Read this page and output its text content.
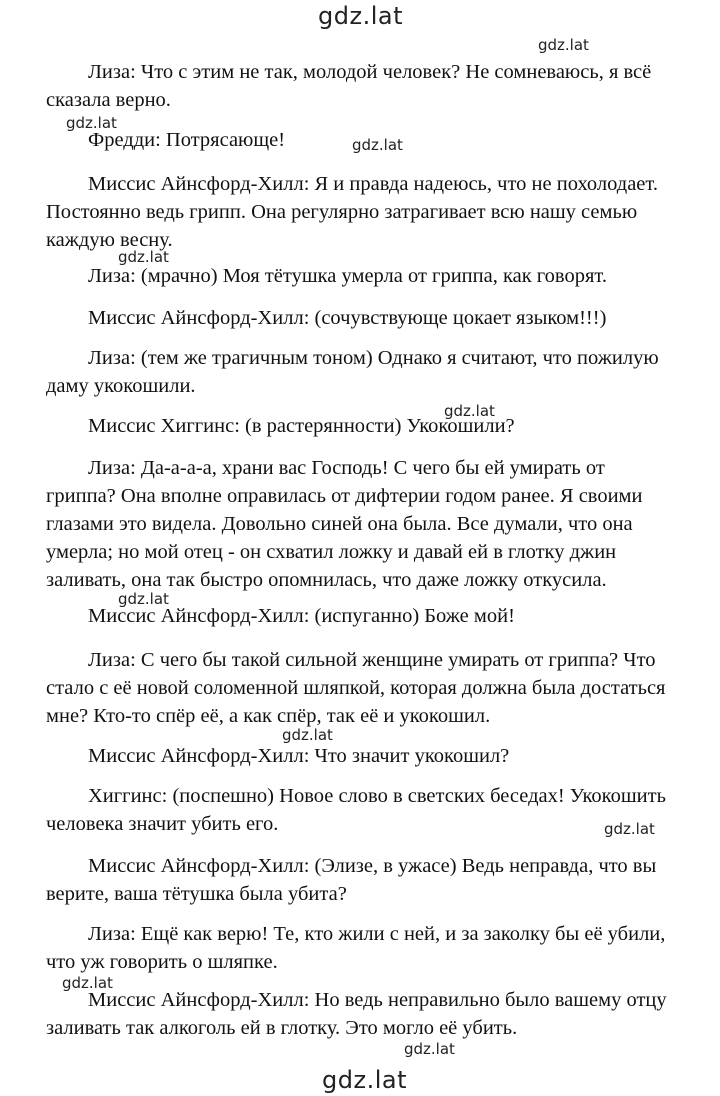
gdz.lat
gdz.lat
gdz.lat
gdz.lat
gdz.lat
gdz.lat
gdz.lat
gdz.lat
gdz.lat
gdz.lat
gdz.lat
gdz.lat

Лиза: Что с этим не так, молодой человек? Не сомневаюсь, я всё сказала верно.

Фредди: Потрясающе!

Миссис Айнсфорд-Хилл: Я и правда надеюсь, что не похолодает. Постоянно ведь грипп. Она регулярно затрагивает всю нашу семью каждую весну.

Лиза: (мрачно) Моя тётушка умерла от гриппа, как говорят.

Миссис Айнсфорд-Хилл: (сочувствующе цокает языком!!!)

Лиза: (тем же трагичным тоном) Однако я считают, что пожилую даму укокошили.

Миссис Хиггинс: (в растерянности) Укокошили?

Лиза: Да-а-а-а, храни вас Господь! С чего бы ей умирать от гриппа? Она вполне оправилась от дифтерии годом ранее. Я своими глазами это видела. Довольно синей она была. Все думали, что она умерла; но мой отец - он схватил ложку и давай ей в глотку джин заливать, она так быстро опомнилась, что даже ложку откусила.

Миссис Айнсфорд-Хилл: (испуганно) Боже мой!

Лиза: С чего бы такой сильной женщине умирать от гриппа? Что стало с её новой соломенной шляпкой, которая должна была достаться мне? Кто-то спёр её, а как спёр, так её и укокошил.

Миссис Айнсфорд-Хилл: Что значит укокошил?

Хиггинс: (поспешно) Новое слово в светских беседах! Укокошить человека значит убить его.

Миссис Айнсфорд-Хилл: (Элизе, в ужасе) Ведь неправда, что вы верите, ваша тётушка была убита?

Лиза: Ещё как верю! Те, кто жили с ней, и за заколку бы её убили, что уж говорить о шляпке.

Миссис Айнсфорд-Хилл: Но ведь неправильно было вашему отцу заливать так алкоголь ей в глотку. Это могло её убить.
